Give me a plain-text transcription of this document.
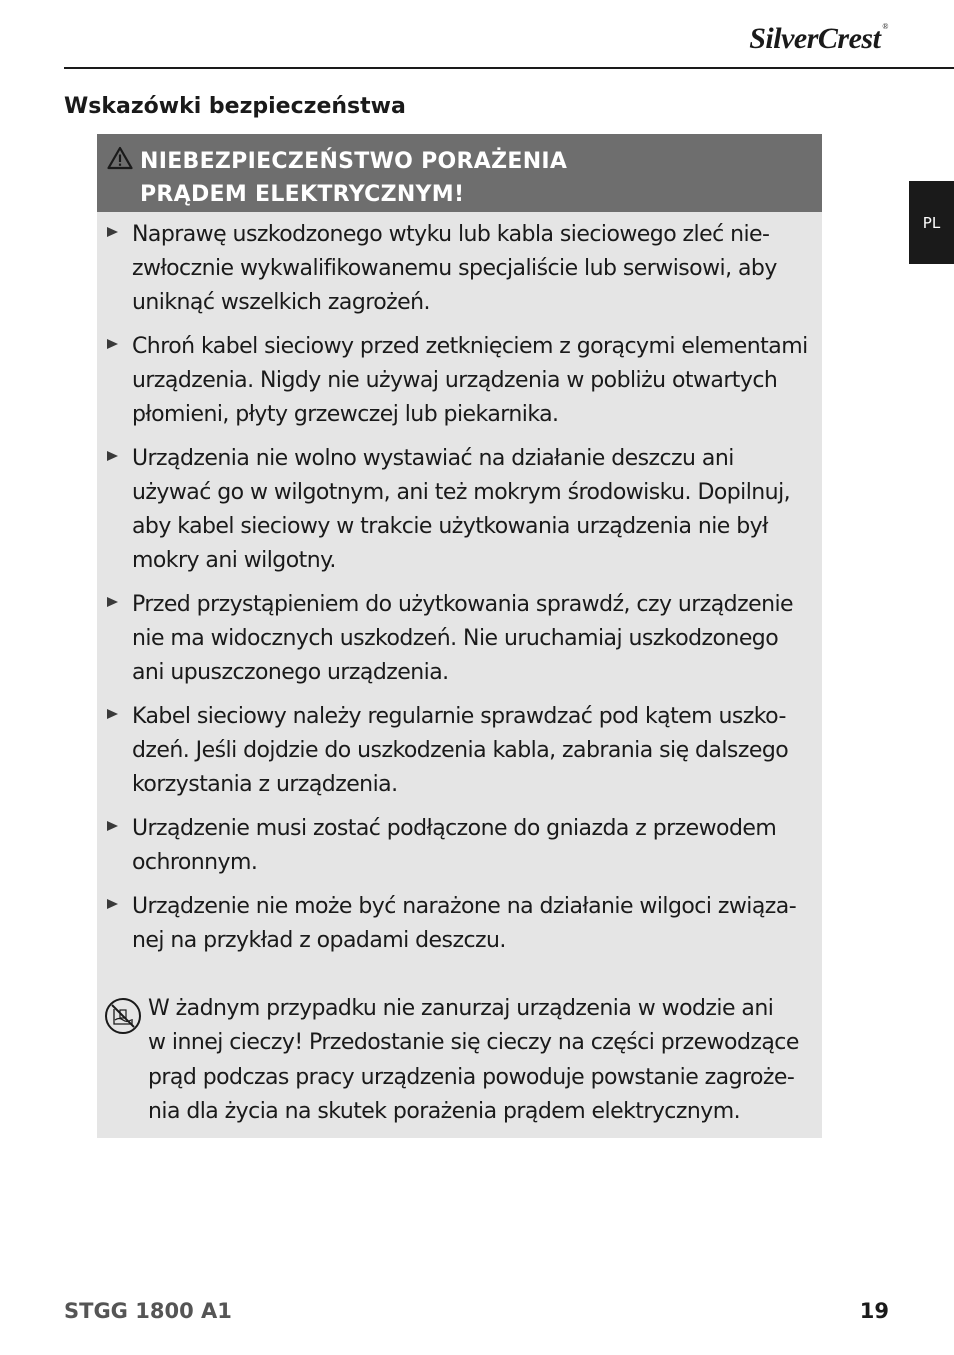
SilverCrest ®
Wskazówki bezpieczeństwa
PL
NIEBEZPIECZEŃSTWO PORAŻENIA
PRĄDEM ELEKTRYCZNYM!
Naprawę uszkodzonego wtyku lub kabla sieciowego zleć nie-
zwłocznie wykwalifikowanemu specjaliście lub serwisowi, aby
uniknąć wszelkich zagrożeń.
Chroń kabel sieciowy przed zetknięciem z gorącymi elementami
urządzenia. Nigdy nie używaj urządzenia w pobliżu otwartych
płomieni, płyty grzewczej lub piekarnika.
Urządzenia nie wolno wystawiać na działanie deszczu ani
używać go w wilgotnym, ani też mokrym środowisku. Dopilnuj,
aby kabel sieciowy w trakcie użytkowania urządzenia nie był
mokry ani wilgotny.
Przed przystąpieniem do użytkowania sprawdź, czy urządzenie
nie ma widocznych uszkodzeń. Nie uruchamiaj uszkodzonego
ani upuszczonego urządzenia.
Kabel sieciowy należy regularnie sprawdzać pod kątem uszko-
dzeń. Jeśli dojdzie do uszkodzenia kabla, zabrania się dalszego
korzystania z urządzenia.
Urządzenie musi zostać podłączone do gniazda z przewodem
ochronnym.
Urządzenie nie może być narażone na działanie wilgoci związa-
nej na przykład z opadami deszczu.

W żadnym przypadku nie zanurzaj urządzenia w wodzie ani
w innej cieczy! Przedostanie się cieczy na części przewodzące
prąd podczas pracy urządzenia powoduje powstanie zagroże-
nia dla życia na skutek porażenia prądem elektrycznym.

STGG 1800 A1	19
